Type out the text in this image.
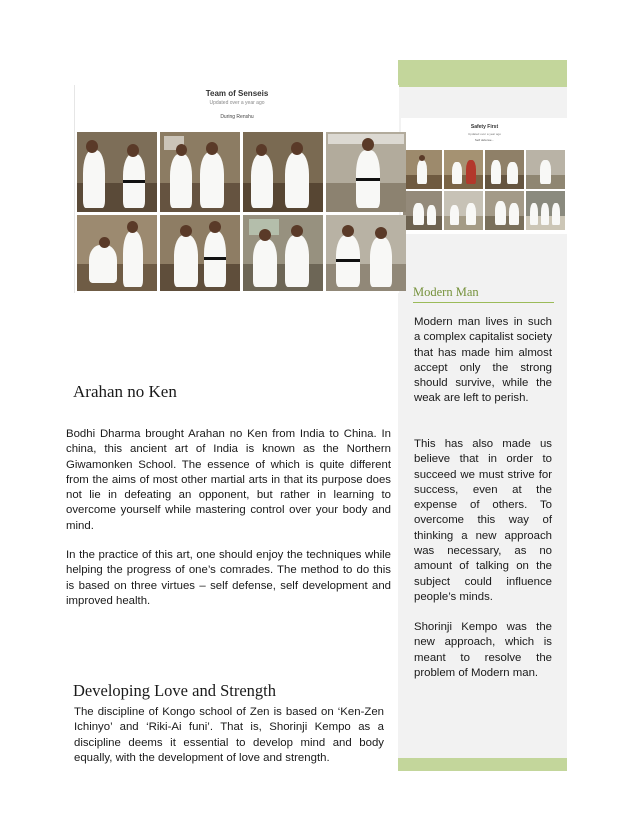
Safety First
Updated over a year ago
Self defense...
Team of Senseis
Updated over a year ago
During Renshu
Arahan no Ken

Bodhi Dharma brought Arahan no Ken from India to China. In china, this ancient art of India is known as the Northern Giwamonken School. The essence of which is quite different from the aims of most other martial arts in that its purpose does not lie in defeating an opponent, but rather in learning to overcome yourself while mastering control over your body and mind.

In the practice of this art, one should enjoy the techniques while helping the progress of one’s comrades. The method to do this is based on three virtues – self defense, self development and improved health.

Developing Love and Strength

The discipline of Kongo school of Zen is based on ‘Ken-Zen Ichinyo’ and ‘Riki-Ai funi’. That is, Shorinji Kempo as a discipline deems it essential to develop mind and body equally, with the development of love and strength.

Modern Man

Modern man lives in such a complex capitalist society that has made him almost accept only the strong should survive, while the weak are left to perish.

This has also made us believe that in order to succeed we must strive for success, even at the expense of others. To overcome this way of thinking a new approach was necessary, as no amount of talking on the subject could influence people’s minds.

Shorinji Kempo was the new approach, which is meant to resolve the problem of Modern man.
